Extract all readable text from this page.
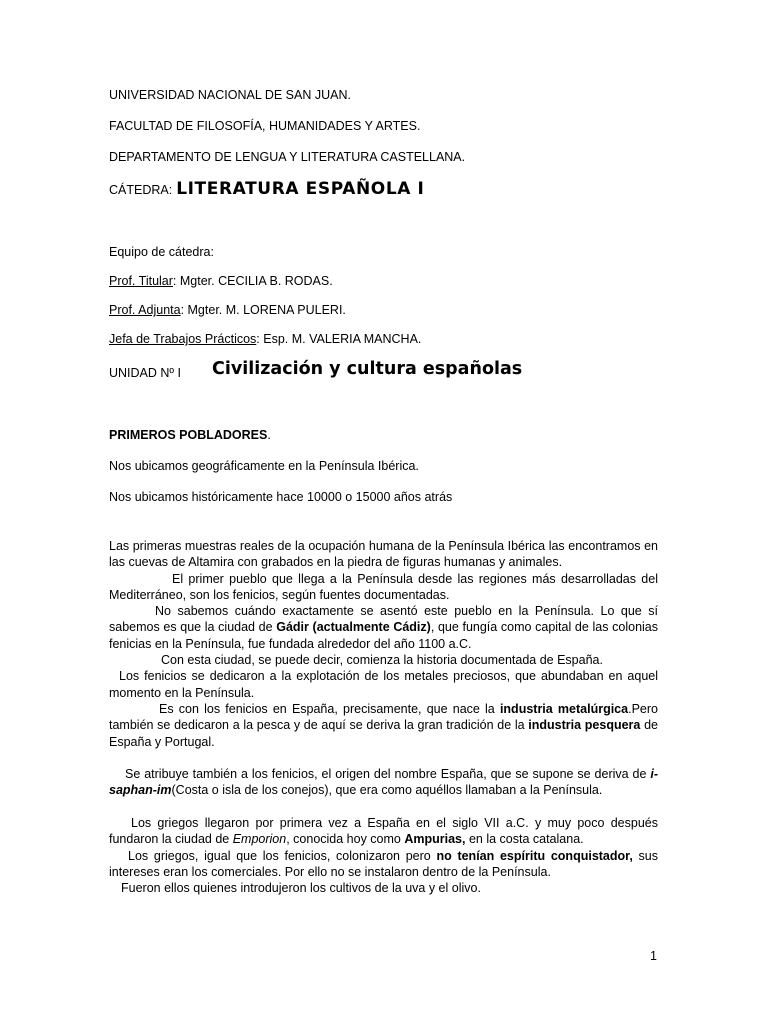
UNIVERSIDAD NACIONAL DE SAN JUAN.
FACULTAD DE FILOSOFÍA, HUMANIDADES Y ARTES.
DEPARTAMENTO DE LENGUA Y LITERATURA CASTELLANA.
CÁTEDRA: LITERATURA ESPAÑOLA I
Equipo de cátedra:
Prof. Titular: Mgter. CECILIA B. RODAS.
Prof. Adjunta: Mgter. M. LORENA PULERI.
Jefa de Trabajos Prácticos: Esp. M. VALERIA MANCHA.
UNIDAD Nº I Civilización y cultura españolas
PRIMEROS POBLADORES.
Nos ubicamos geográficamente en la Península Ibérica.
Nos ubicamos históricamente hace 10000 o 15000 años atrás
Las primeras muestras reales de la ocupación humana de la Península Ibérica las encontramos en las cuevas de Altamira con grabados en la piedra de figuras humanas y animales.
El primer pueblo que llega a la Península desde las regiones más desarrolladas del Mediterráneo, son los fenicios, según fuentes documentadas.
No sabemos cuándo exactamente se asentó este pueblo en la Península. Lo que sí sabemos es que la ciudad de Gádir (actualmente Cádiz), que fungía como capital de las colonias fenicias en la Península, fue fundada alrededor del año 1100 a.C.
Con esta ciudad, se puede decir, comienza la historia documentada de España.
Los fenicios se dedicaron a la explotación de los metales preciosos, que abundaban en aquel momento en la Península.
Es con los fenicios en España, precisamente, que nace la industria metalúrgica.Pero también se dedicaron a la pesca y de aquí se deriva la gran tradición de la industria pesquera de España y Portugal.
Se atribuye también a los fenicios, el origen del nombre España, que se supone se deriva de i-saphan-im(Costa o isla de los conejos), que era como aquéllos llamaban a la Península.
Los griegos llegaron por primera vez a España en el siglo VII a.C. y muy poco después fundaron la ciudad de Emporion, conocida hoy como Ampurias, en la costa catalana.
Los griegos, igual que los fenicios, colonizaron pero no tenían espíritu conquistador, sus intereses eran los comerciales. Por ello no se instalaron dentro de la Península.
Fueron ellos quienes introdujeron los cultivos de la uva y el olivo.
1
